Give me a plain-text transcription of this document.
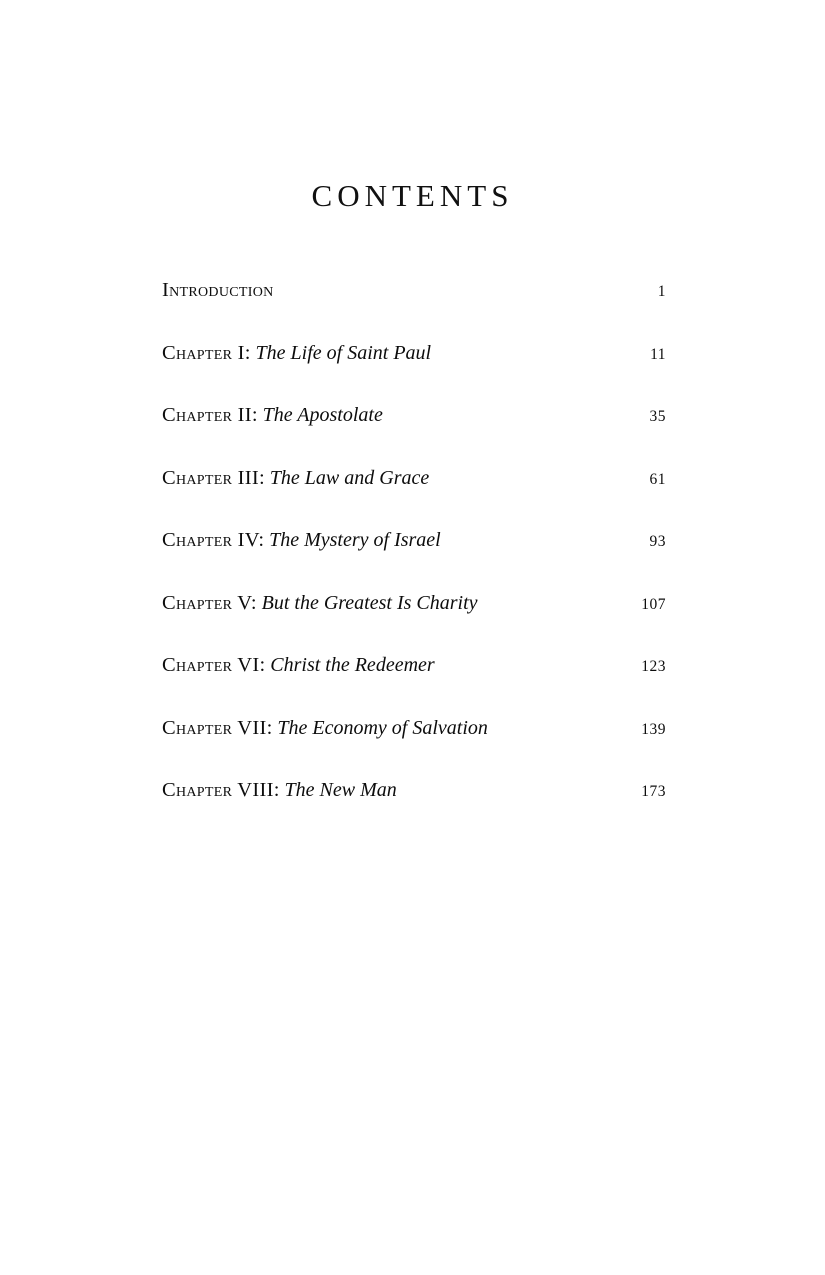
CONTENTS
Introduction	1
Chapter I: The Life of Saint Paul	11
Chapter II: The Apostolate	35
Chapter III: The Law and Grace	61
Chapter IV: The Mystery of Israel	93
Chapter V: But the Greatest Is Charity	107
Chapter VI: Christ the Redeemer	123
Chapter VII: The Economy of Salvation	139
Chapter VIII: The New Man	173
